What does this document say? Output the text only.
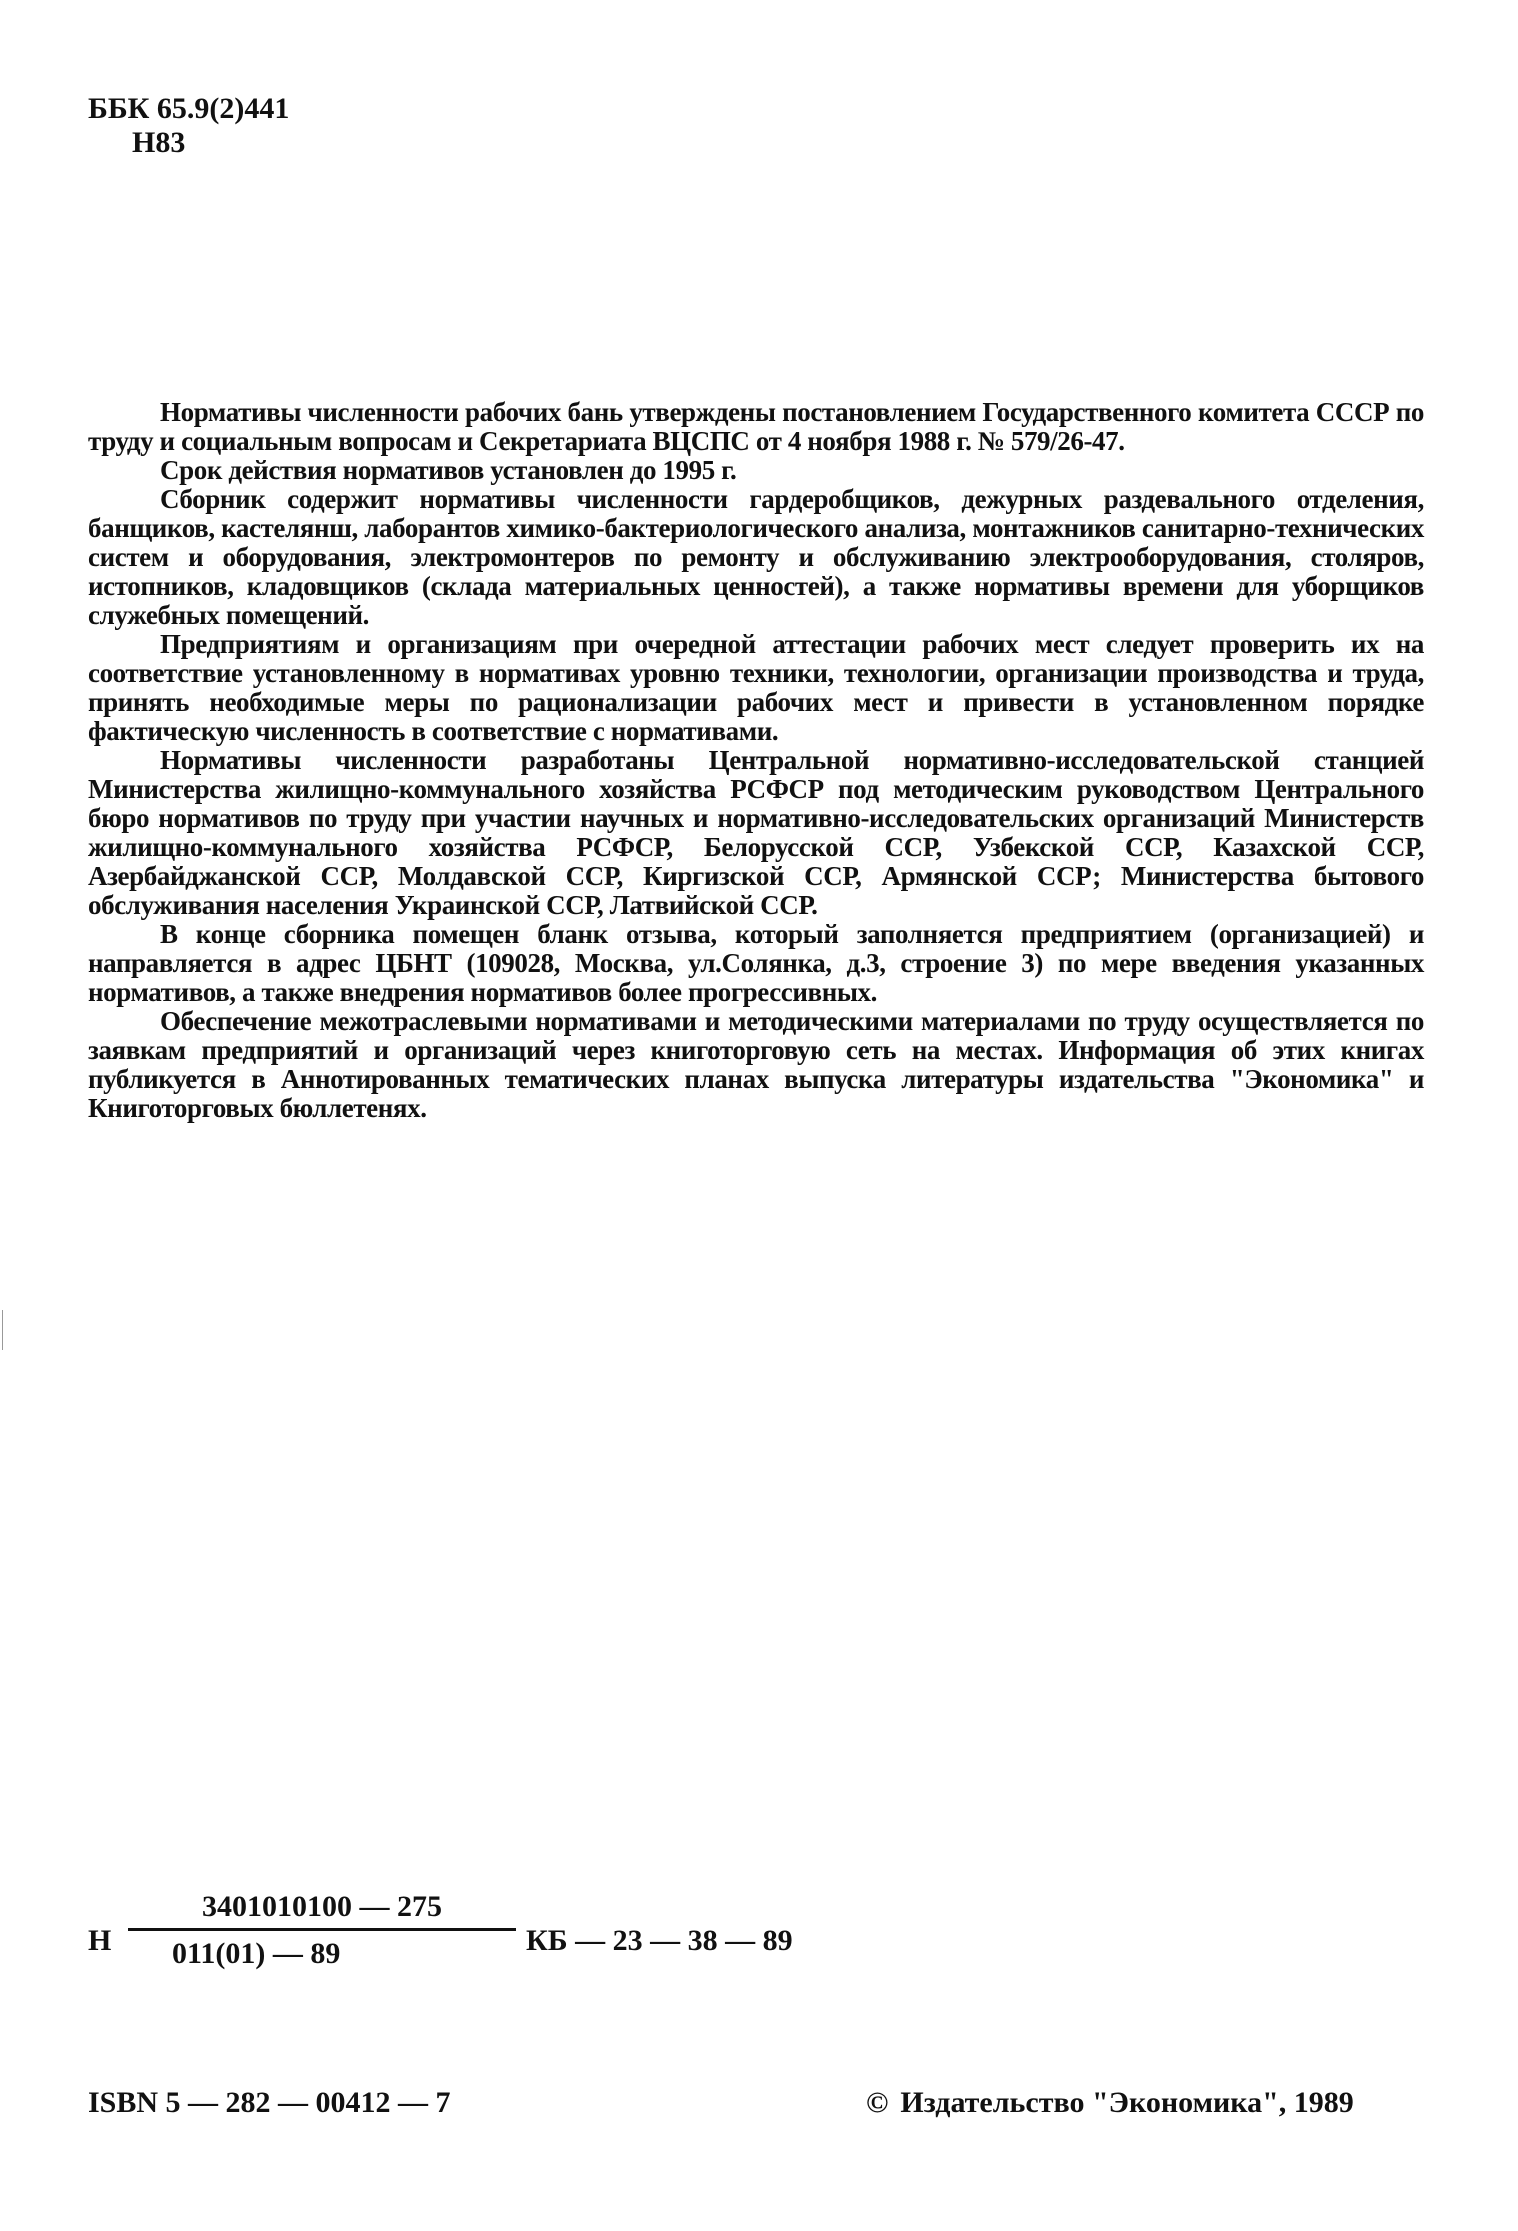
ББК 65.9(2)441
Н83

Нормативы численности рабочих бань утверждены постановлением Государственного комитета СССР по труду и социальным вопросам и Секретариата ВЦСПС от 4 ноября 1988 г. № 579/26-47.

Срок действия нормативов установлен до 1995 г.

Сборник содержит нормативы численности гардеробщиков, дежурных раздевального отделения, банщиков, кастелянш, лаборантов химико-бактериологического анализа, монтажников санитарно-технических систем и оборудования, электромонтеров по ремонту и обслуживанию электрооборудования, столяров, истопников, кладовщиков (склада материальных ценностей), а также нормативы времени для уборщиков служебных помещений.

Предприятиям и организациям при очередной аттестации рабочих мест следует проверить их на соответствие установленному в нормативах уровню техники, технологии, организации производства и труда, принять необходимые меры по рационализации рабочих мест и привести в установленном порядке фактическую численность в соответствие с нормативами.

Нормативы численности разработаны Центральной нормативно-исследовательской станцией Министерства жилищно-коммунального хозяйства РСФСР под методическим руководством Центрального бюро нормативов по труду при участии научных и нормативно-исследовательских организаций Министерств жилищно-коммунального хозяйства РСФСР, Белорусской ССР, Узбекской ССР, Казахской ССР, Азербайджанской ССР, Молдавской ССР, Киргизской ССР, Армянской ССР; Министерства бытового обслуживания населения Украинской ССР, Латвийской ССР.

В конце сборника помещен бланк отзыва, который заполняется предприятием (организацией) и направляется в адрес ЦБНТ (109028, Москва, ул.Солянка, д.3, строение 3) по мере введения указанных нормативов, а также внедрения нормативов более прогрессивных.

Обеспечение межотраслевыми нормативами и методическими материалами по труду осуществляется по заявкам предприятий и организаций через книготорговую сеть на местах. Информация об этих книгах публикуется в Аннотированных тематических планах выпуска литературы издательства "Экономика" и Книготорговых бюллетенях.

Н
3401010100 — 275
011(01) — 89	КБ — 23 — 38 — 89
ISBN 5 — 282 — 00412 — 7	© Издательство "Экономика", 1989
